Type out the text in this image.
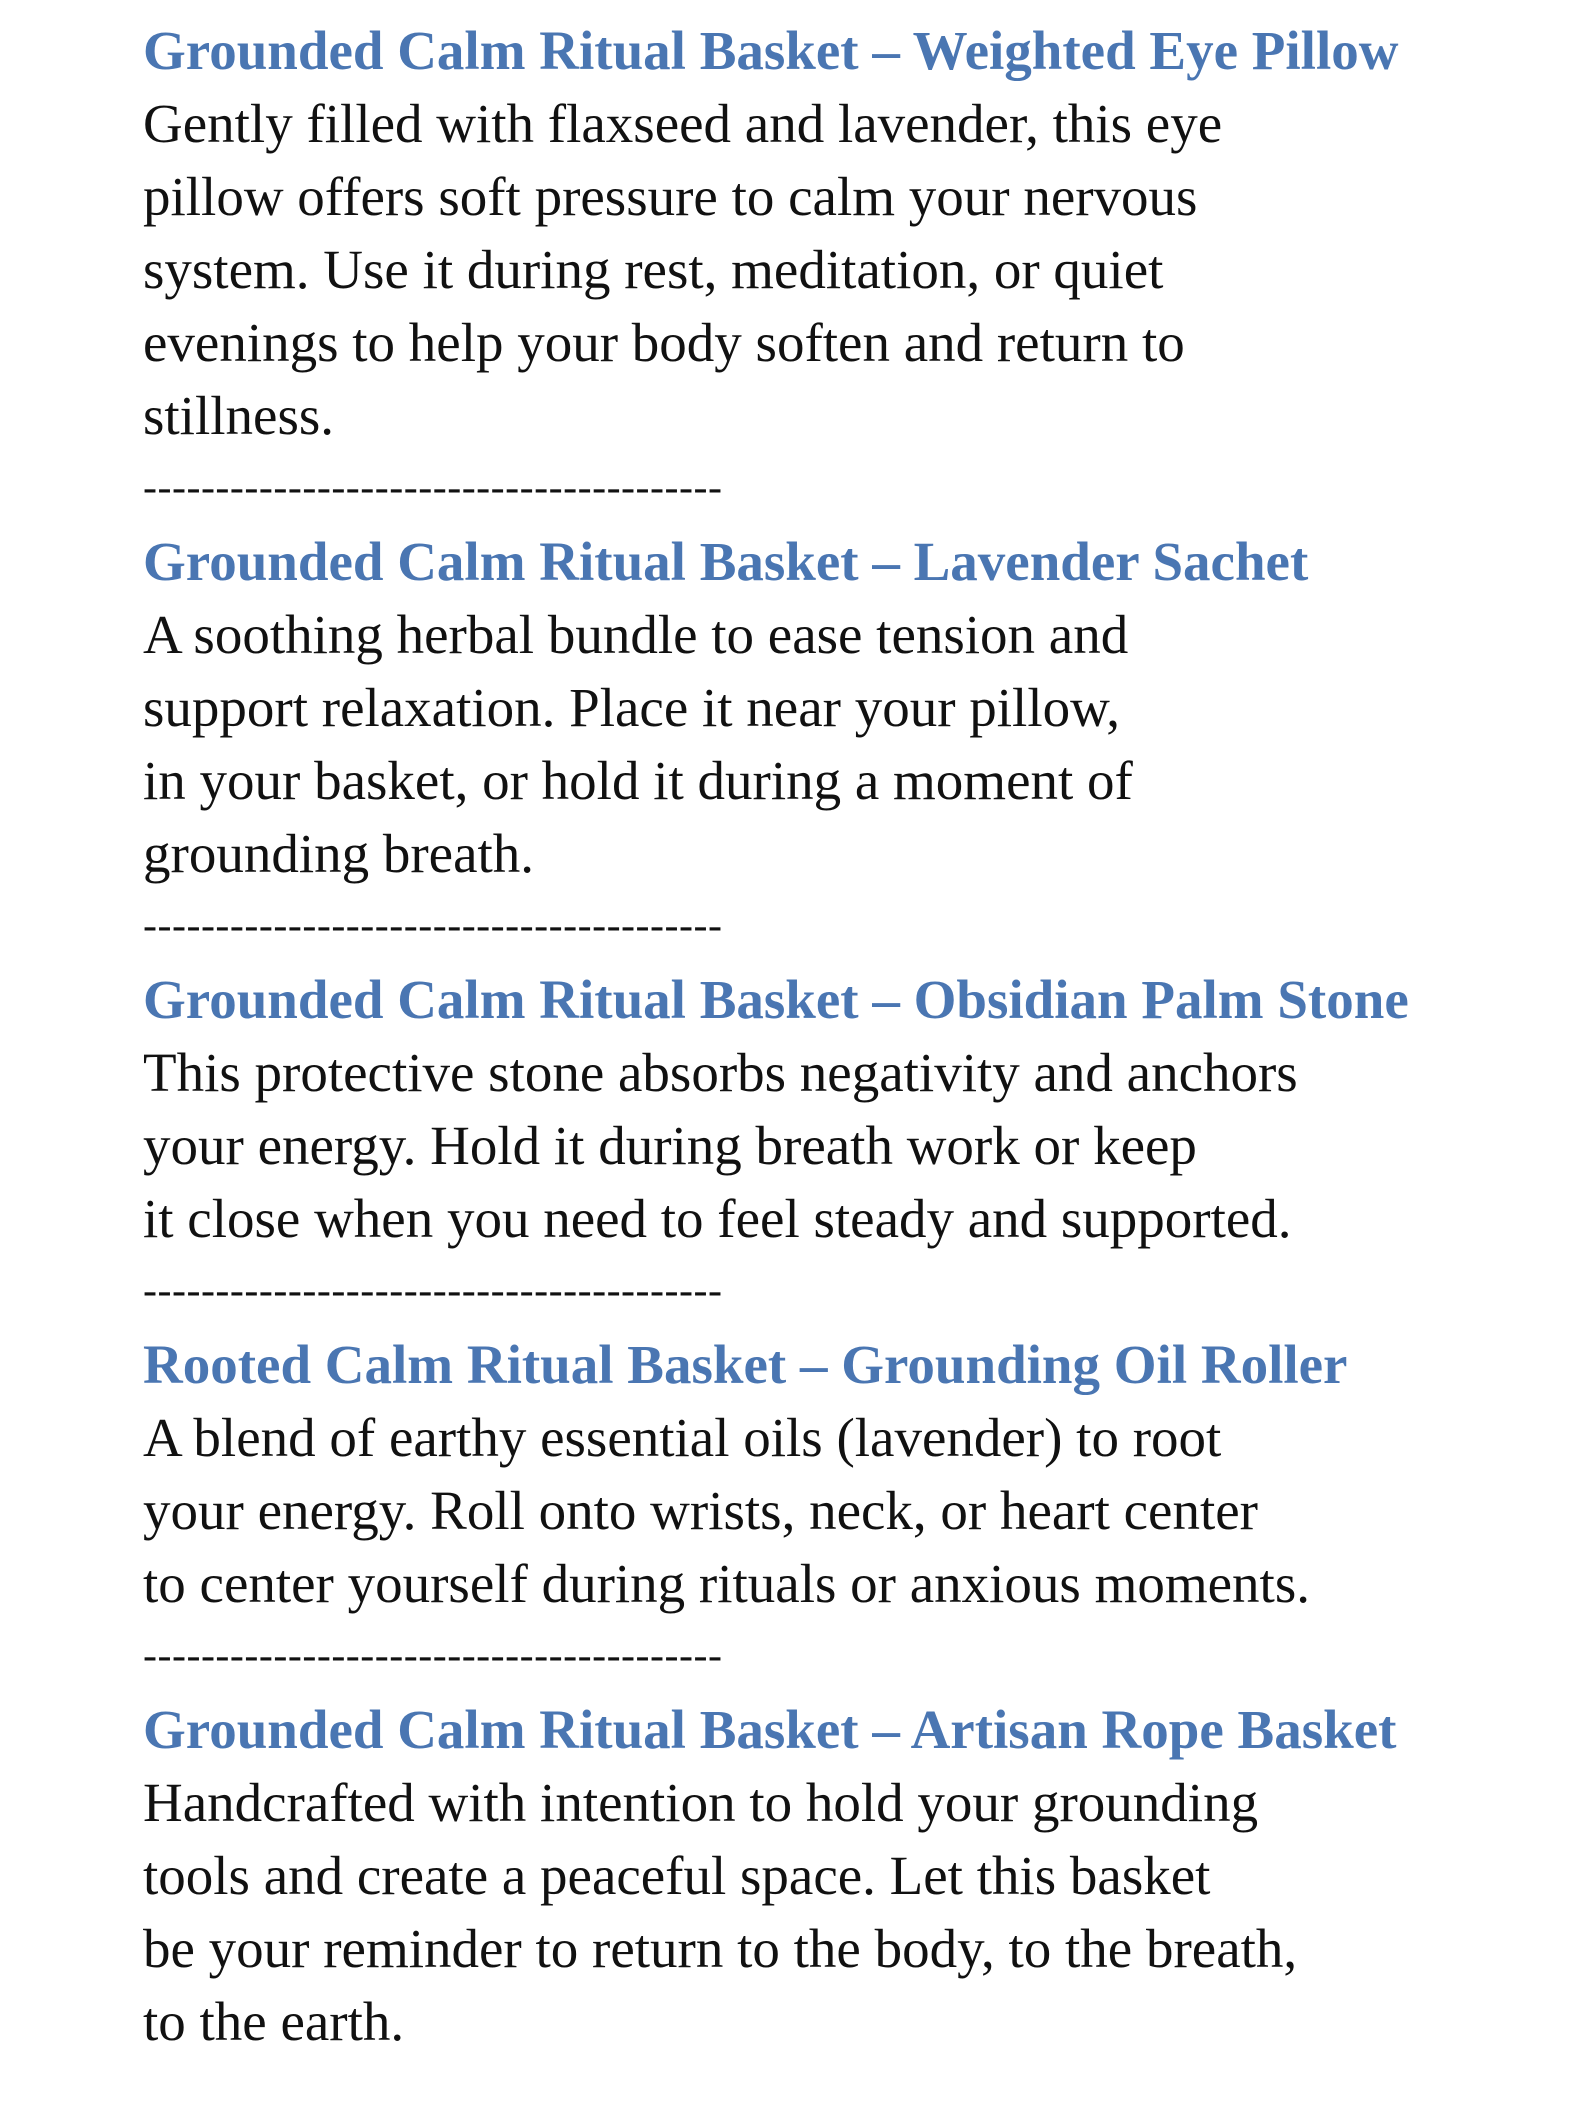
Grounded Calm Ritual Basket – Weighted Eye Pillow

Gently filled with flaxseed and lavender, this eye
pillow offers soft pressure to calm your nervous
system. Use it during rest, meditation, or quiet
evenings to help your body soften and return to
stillness.

----------------------------------------
Grounded Calm Ritual Basket – Lavender Sachet

A soothing herbal bundle to ease tension and
support relaxation. Place it near your pillow,
in your basket, or hold it during a moment of
grounding breath.

----------------------------------------
Grounded Calm Ritual Basket – Obsidian Palm Stone

This protective stone absorbs negativity and anchors
your energy. Hold it during breath work or keep
it close when you need to feel steady and supported.

----------------------------------------
Rooted Calm Ritual Basket – Grounding Oil Roller

A blend of earthy essential oils (lavender) to root
your energy. Roll onto wrists, neck, or heart center
to center yourself during rituals or anxious moments.

----------------------------------------
Grounded Calm Ritual Basket – Artisan Rope Basket

Handcrafted with intention to hold your grounding
tools and create a peaceful space. Let this basket
be your reminder to return to the body, to the breath,
to the earth.
